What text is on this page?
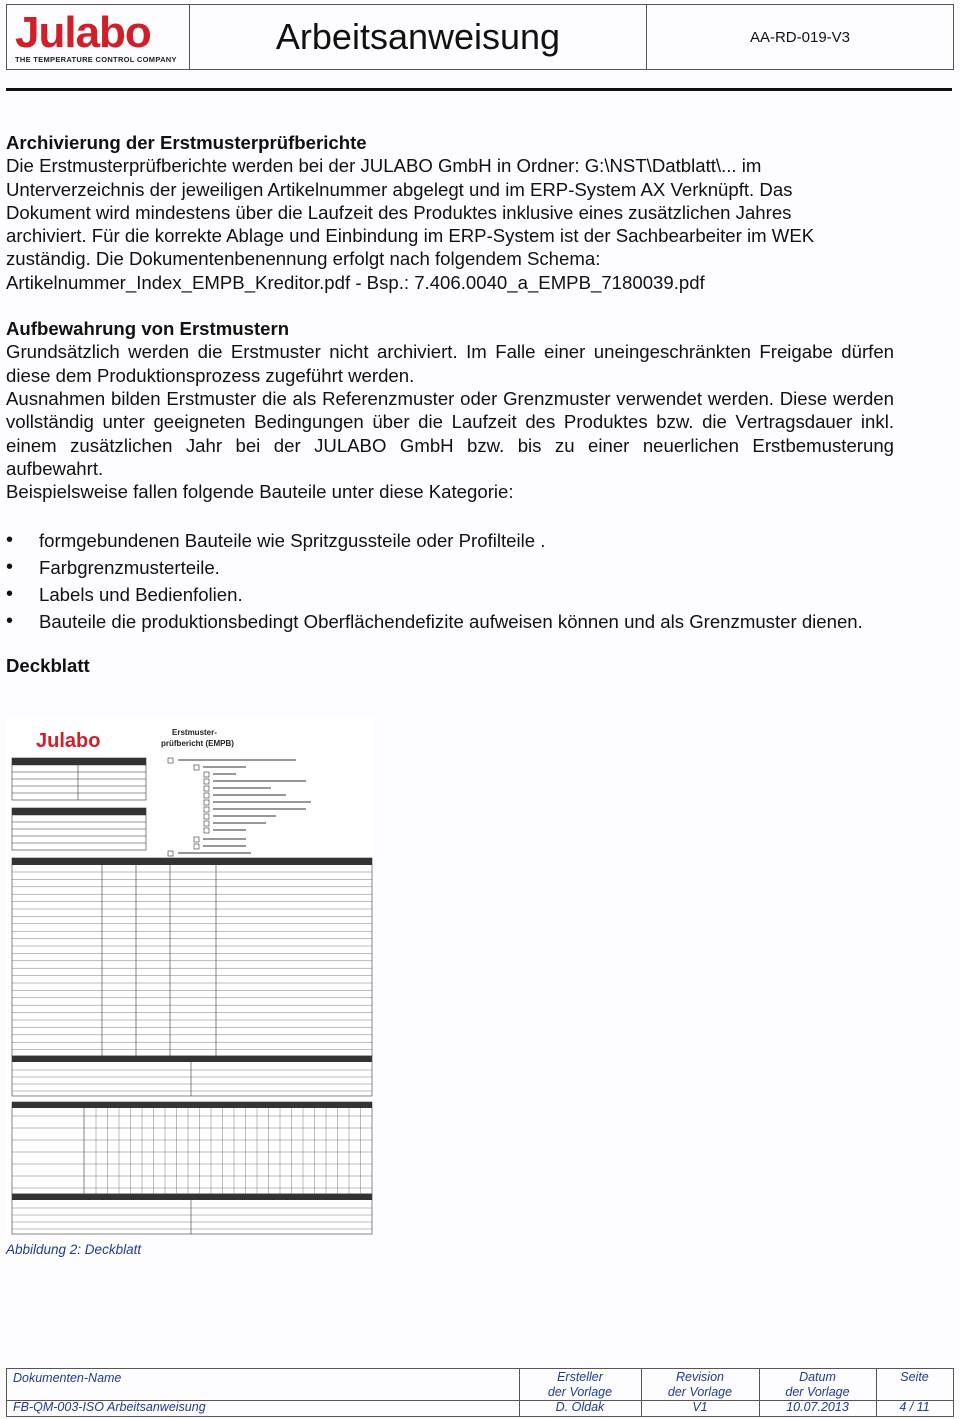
Julabo
THE TEMPERATURE CONTROL COMPANY
Arbeitsanweisung	AA-RD-019-V3
Archivierung der Erstmusterprüfberichte

Die Erstmusterprüfberichte werden bei der JULABO GmbH in Ordner: G:\NST\Datblatt\... im Unterverzeichnis der jeweiligen Artikelnummer abgelegt und im ERP-System AX Verknüpft. Das Dokument wird mindestens über die Laufzeit des Produktes inklusive eines zusätzlichen Jahres archiviert. Für die korrekte Ablage und Einbindung im ERP-System ist der Sachbearbeiter im WEK zuständig. Die Dokumentenbenennung erfolgt nach folgendem Schema: Artikelnummer_Index_EMPB_Kreditor.pdf - Bsp.: 7.406.0040_a_EMPB_7180039.pdf

Aufbewahrung von Erstmustern

Grundsätzlich werden die Erstmuster nicht archiviert. Im Falle einer uneingeschränkten Freigabe dürfen diese dem Produktionsprozess zugeführt werden.

Ausnahmen bilden Erstmuster die als Referenzmuster oder Grenzmuster verwendet werden. Diese werden vollständig unter geeigneten Bedingungen über die Laufzeit des Produktes bzw. die Vertragsdauer inkl. einem zusätzlichen Jahr bei der JULABO GmbH bzw. bis zu einer neuerlichen Erstbemusterung aufbewahrt.

Beispielsweise fallen folgende Bauteile unter diese Kategorie:

• formgebundenen Bauteile wie Spritzgussteile oder Profilteile .
• Farbgrenzmusterteile.
• Labels und Bedienfolien.
• Bauteile die produktionsbedingt Oberflächendefizite aufweisen können und als Grenzmuster dienen.
Deckblatt
Julabo	Erstmuster-
prüfbericht (EMPB)
Abbildung 2: Deckblatt
Dokumenten-Name
FB-QM-003-ISO Arbeitsanweisung
Ersteller
der Vorlage
D. Oldak
Revision
der Vorlage
V1
Datum
der Vorlage
10.07.2013
Seite
4 / 11
